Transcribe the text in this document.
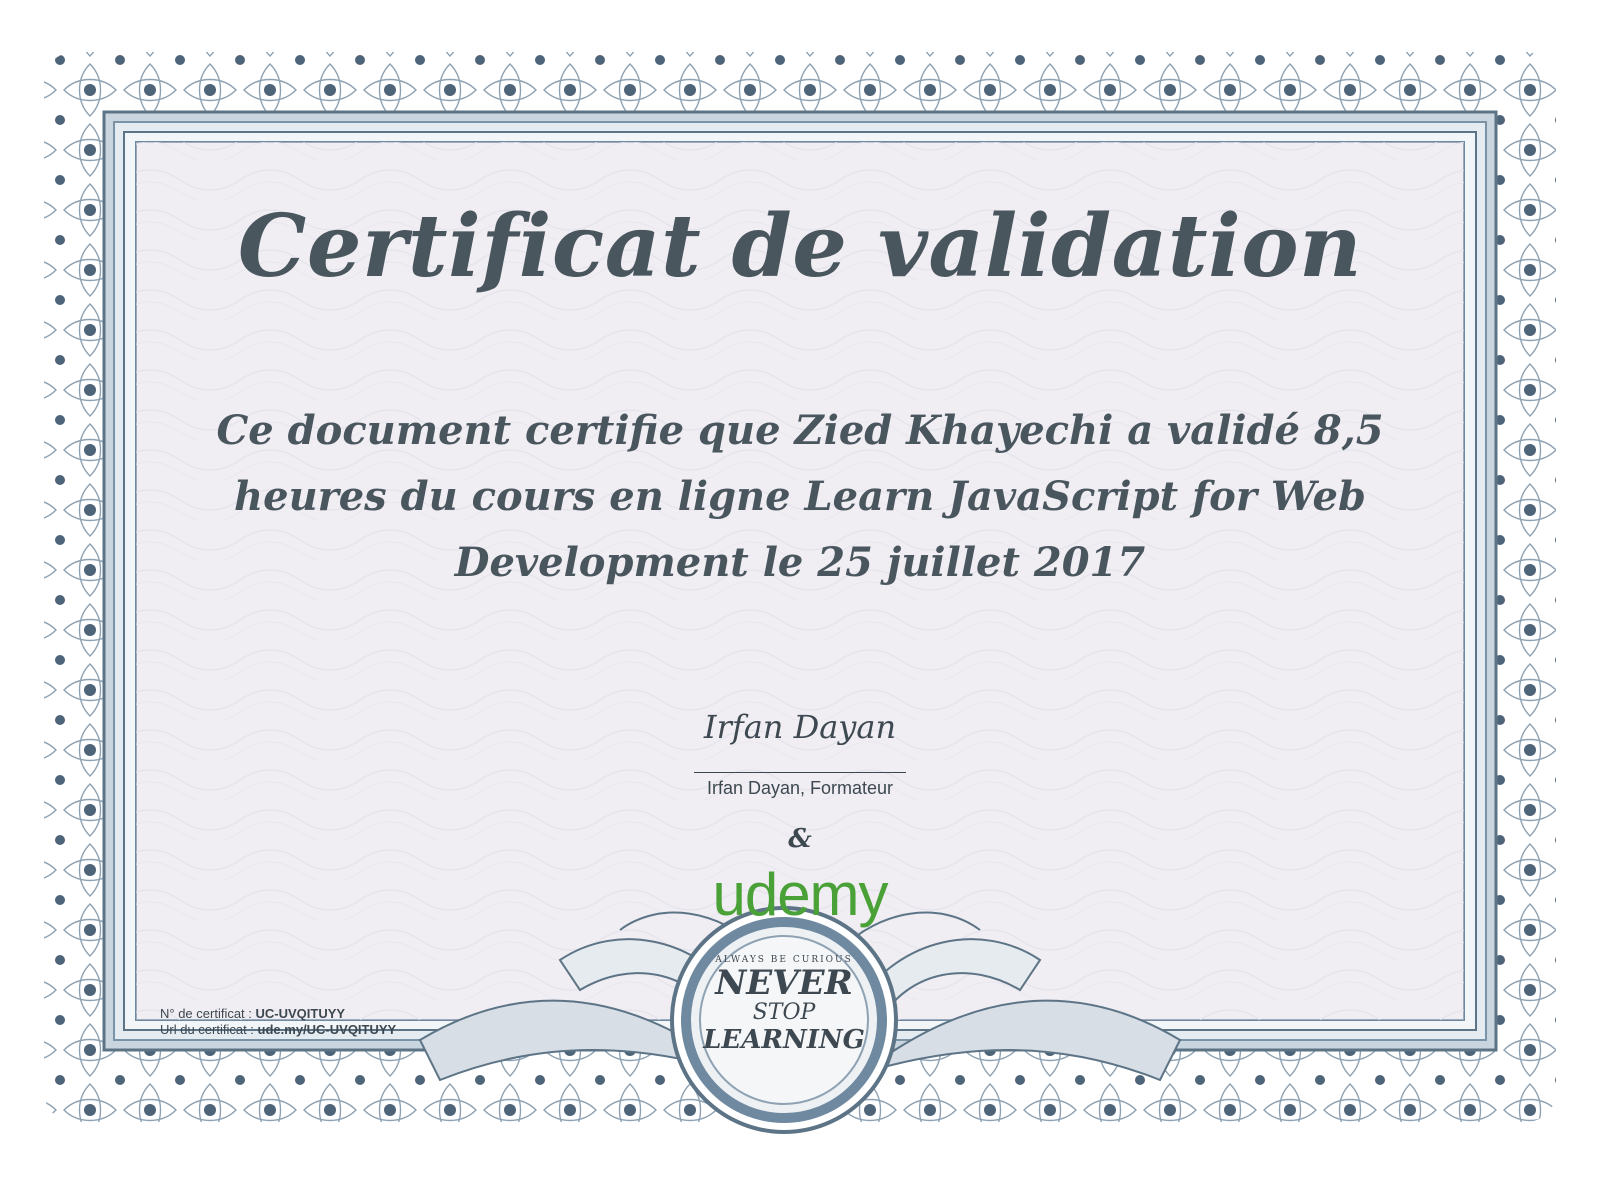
ALWAYS BE CURIOUS
NEVER
STOP
LEARNING
Certificat de validation

Ce document certifie que Zied Khayechi a validé 8,5 heures du cours en ligne Learn JavaScript for Web Development le 25 juillet 2017

Irfan Dayan
Irfan Dayan, Formateur
&
udemy
N° de certificat : UC-UVQITUYY
Url du certificat : ude.my/UC-UVQITUYY
